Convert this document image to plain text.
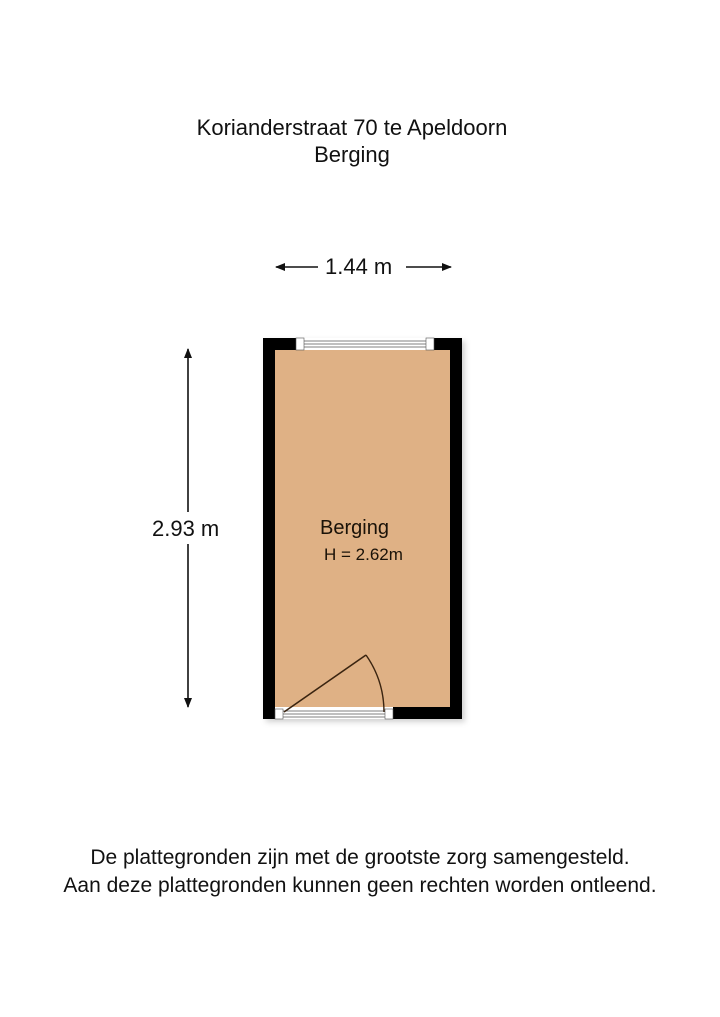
Korianderstraat 70 te Apeldoorn
Berging
1.44 m
2.93 m	Berging
H = 2.62m
De plattegronden zijn met de grootste zorg samengesteld.
Aan deze plattegronden kunnen geen rechten worden ontleend.
